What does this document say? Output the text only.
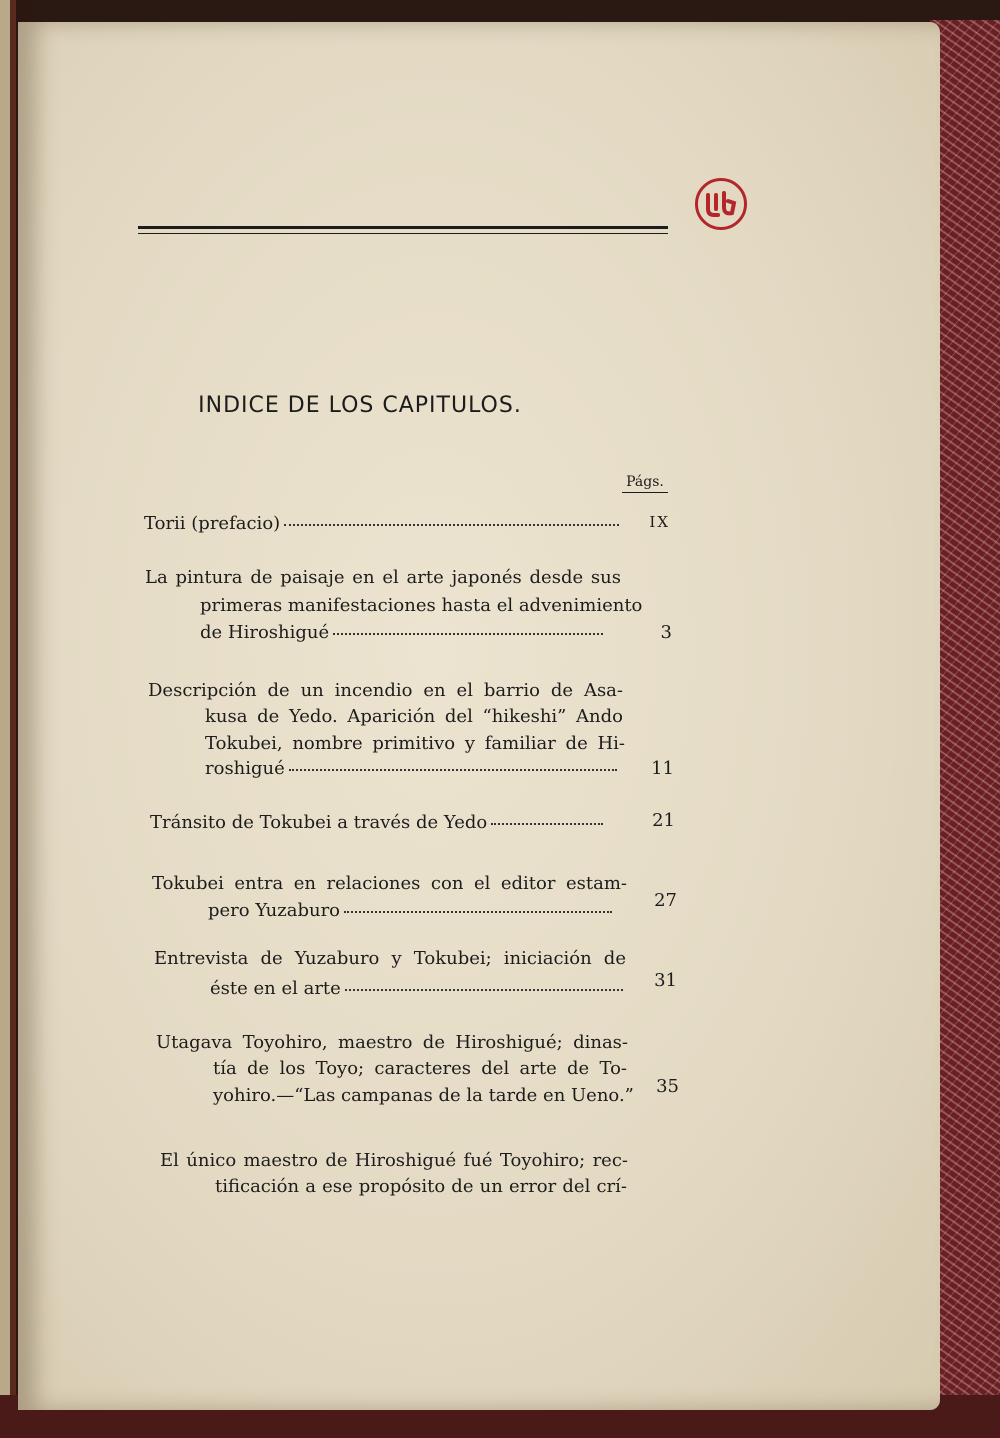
INDICE DE LOS CAPITULOS.
Págs.
Torii (prefacio)	IX
La pintura de paisaje en el arte japonés desde sus
primeras manifestaciones hasta el advenimiento
de Hiroshigué	3
Descripción de un incendio en el barrio de Asa-
kusa de Yedo. Aparición del “hikeshi” Ando
Tokubei, nombre primitivo y familiar de Hi-
roshigué	11
Tránsito de Tokubei a través de Yedo	21
Tokubei entra en relaciones con el editor estam-
pero Yuzaburo	27
Entrevista de Yuzaburo y Tokubei; iniciación de
éste en el arte	31
Utagava Toyohiro, maestro de Hiroshigué; dinas-
tía de los Toyo; caracteres del arte de To-
yohiro.—“Las campanas de la tarde en Ueno.”	35
El único maestro de Hiroshigué fué Toyohiro; rec-
tificación a ese propósito de un error del crí-
